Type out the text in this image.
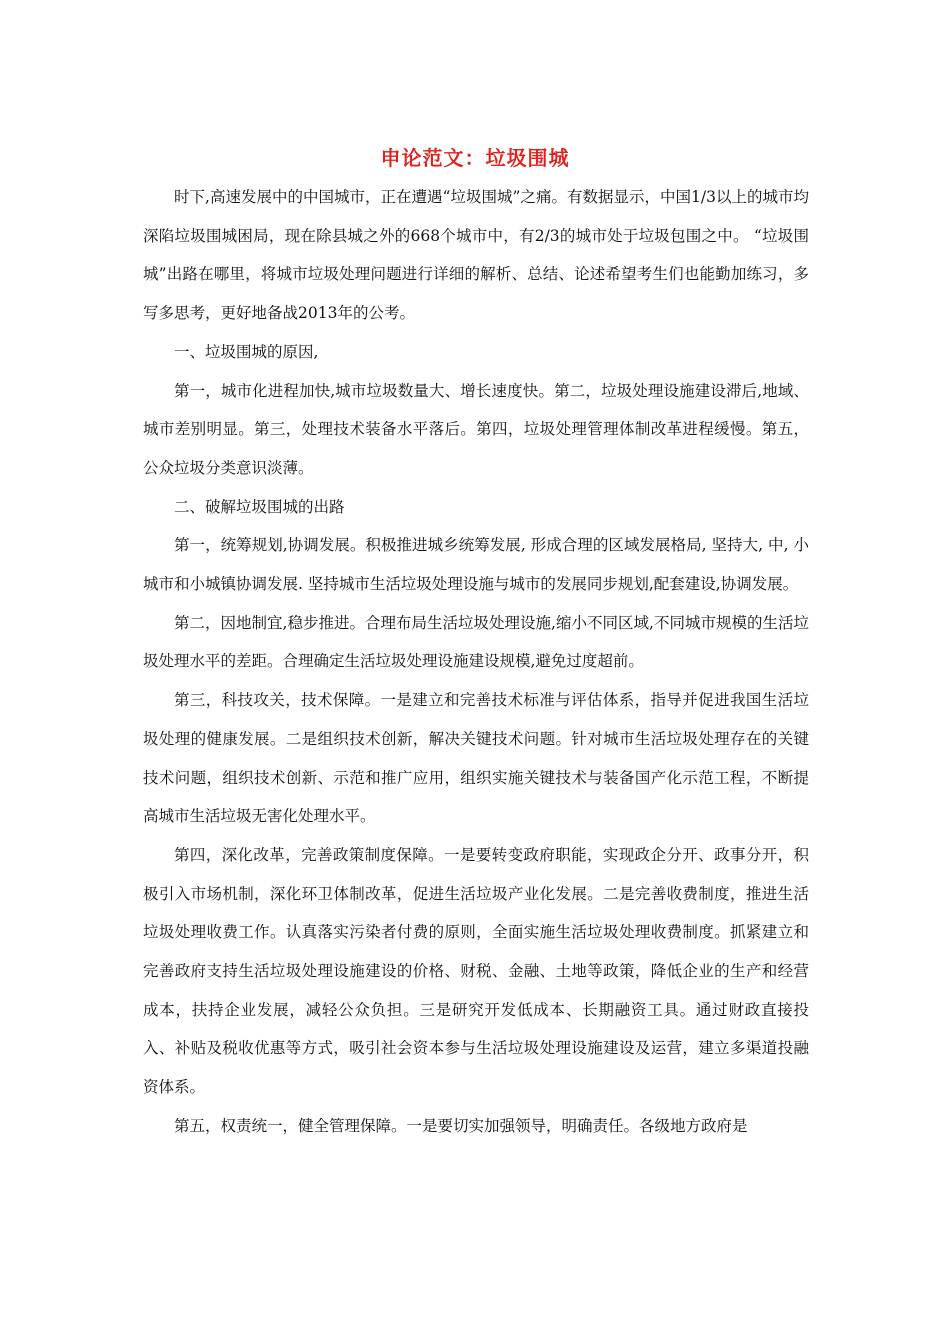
申论范文：垃圾围城

时下,高速发展中的中国城市，正在遭遇“垃圾围城”之痛。有数据显示，中国1/3以上的城市均深陷垃圾围城困局，现在除县城之外的668个城市中，有2/3的城市处于垃圾包围之中。 “垃圾围城”出路在哪里，将城市垃圾处理问题进行详细的解析、总结、论述希望考生们也能勤加练习，多写多思考，更好地备战2013年的公考。

一、垃圾围城的原因,

第一，城市化进程加快,城市垃圾数量大、增长速度快。第二，垃圾处理设施建设滞后,地域、城市差别明显。第三，处理技术装备水平落后。第四，垃圾处理管理体制改革进程缓慢。第五，公众垃圾分类意识淡薄。

二、破解垃圾围城的出路

第一，统筹规划,协调发展。积极推进城乡统筹发展, 形成合理的区域发展格局, 坚持大, 中, 小城市和小城镇协调发展. 坚持城市生活垃圾处理设施与城市的发展同步规划,配套建设,协调发展。

第二，因地制宜,稳步推进。合理布局生活垃圾处理设施,缩小不同区域,不同城市规模的生活垃圾处理水平的差距。合理确定生活垃圾处理设施建设规模,避免过度超前。

第三，科技攻关，技术保障。一是建立和完善技术标准与评估体系，指导并促进我国生活垃圾处理的健康发展。二是组织技术创新，解决关键技术问题。针对城市生活垃圾处理存在的关键技术问题，组织技术创新、示范和推广应用，组织实施关键技术与装备国产化示范工程，不断提高城市生活垃圾无害化处理水平。

第四，深化改革，完善政策制度保障。一是要转变政府职能，实现政企分开、政事分开，积极引入市场机制，深化环卫体制改革，促进生活垃圾产业化发展。二是完善收费制度，推进生活垃圾处理收费工作。认真落实污染者付费的原则，全面实施生活垃圾处理收费制度。抓紧建立和完善政府支持生活垃圾处理设施建设的价格、财税、金融、土地等政策，降低企业的生产和经营成本，扶持企业发展，减轻公众负担。三是研究开发低成本、长期融资工具。通过财政直接投入、补贴及税收优惠等方式，吸引社会资本参与生活垃圾处理设施建设及运营，建立多渠道投融资体系。

第五，权责统一，健全管理保障。一是要切实加强领导，明确责任。各级地方政府是
